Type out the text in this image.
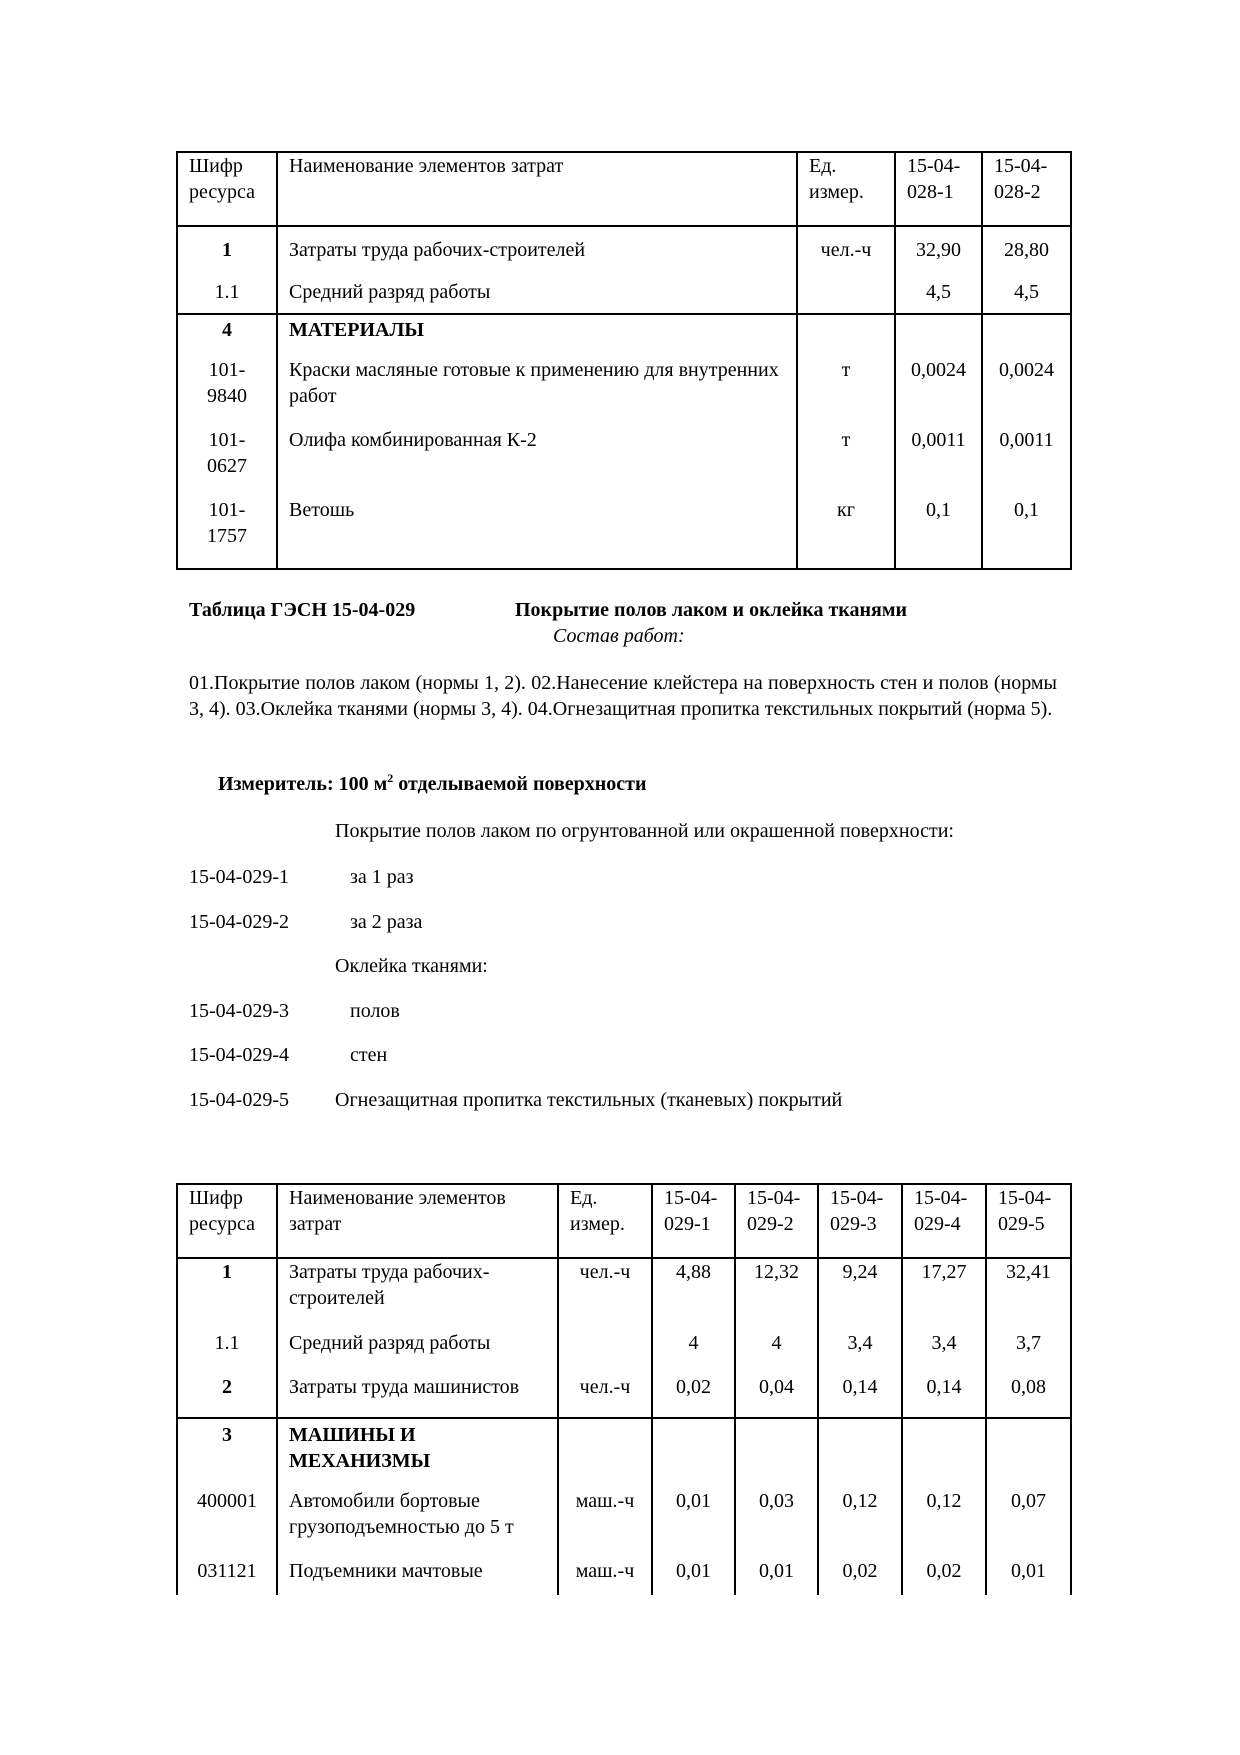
Шифр ресурса	Наименование элементов затрат	Ед. измер.	15-04-028-1	15-04-028-2
1	Затраты труда рабочих-строителей	чел.-ч	32,90	28,80
1.1	Средний разряд работы		4,5	4,5
4	МАТЕРИАЛЫ			
101-9840	Краски масляные готовые к применению для внутренних работ	т	0,0024	0,0024
101-0627	Олифа комбинированная К-2	т	0,0011	0,0011
101-1757	Ветошь	кг	0,1	0,1
Таблица ГЭСН 15-04-029	Покрытие полов лаком и оклейка тканями
Состав работ:
01.Покрытие полов лаком (нормы 1, 2). 02.Нанесение клейстера на поверхность стен и полов (нормы 3, 4). 03.Оклейка тканями (нормы 3, 4). 04.Огнезащитная пропитка текстильных покрытий (норма 5).
Измеритель: 100 $м^2$ отделываемой поверхности
Покрытие полов лаком по огрунтованной или окрашенной поверхности:
15-04-029-1	за 1 раз
15-04-029-2	за 2 раза
Оклейка тканями:
15-04-029-3	полов
15-04-029-4	стен
15-04-029-5 Огнезащитная пропитка текстильных (тканевых) покрытий
Шифр ресурса	Наименование элементов затрат	Ед. измер.	15-04-029-1	15-04-029-2	15-04-029-3	15-04-029-4	15-04-029-5
1	Затраты труда рабочих-строителей	чел.-ч	4,88	12,32	9,24	17,27	32,41
1.1	Средний разряд работы		4	4	3,4	3,4	3,7
2	Затраты труда машинистов	чел.-ч	0,02	0,04	0,14	0,14	0,08
3	МАШИНЫ И МЕХАНИЗМЫ						
400001	Автомобили бортовые грузоподъемностью до 5 т	маш.-ч	0,01	0,03	0,12	0,12	0,07
031121	Подъемники мачтовые	маш.-ч	0,01	0,01	0,02	0,02	0,01
